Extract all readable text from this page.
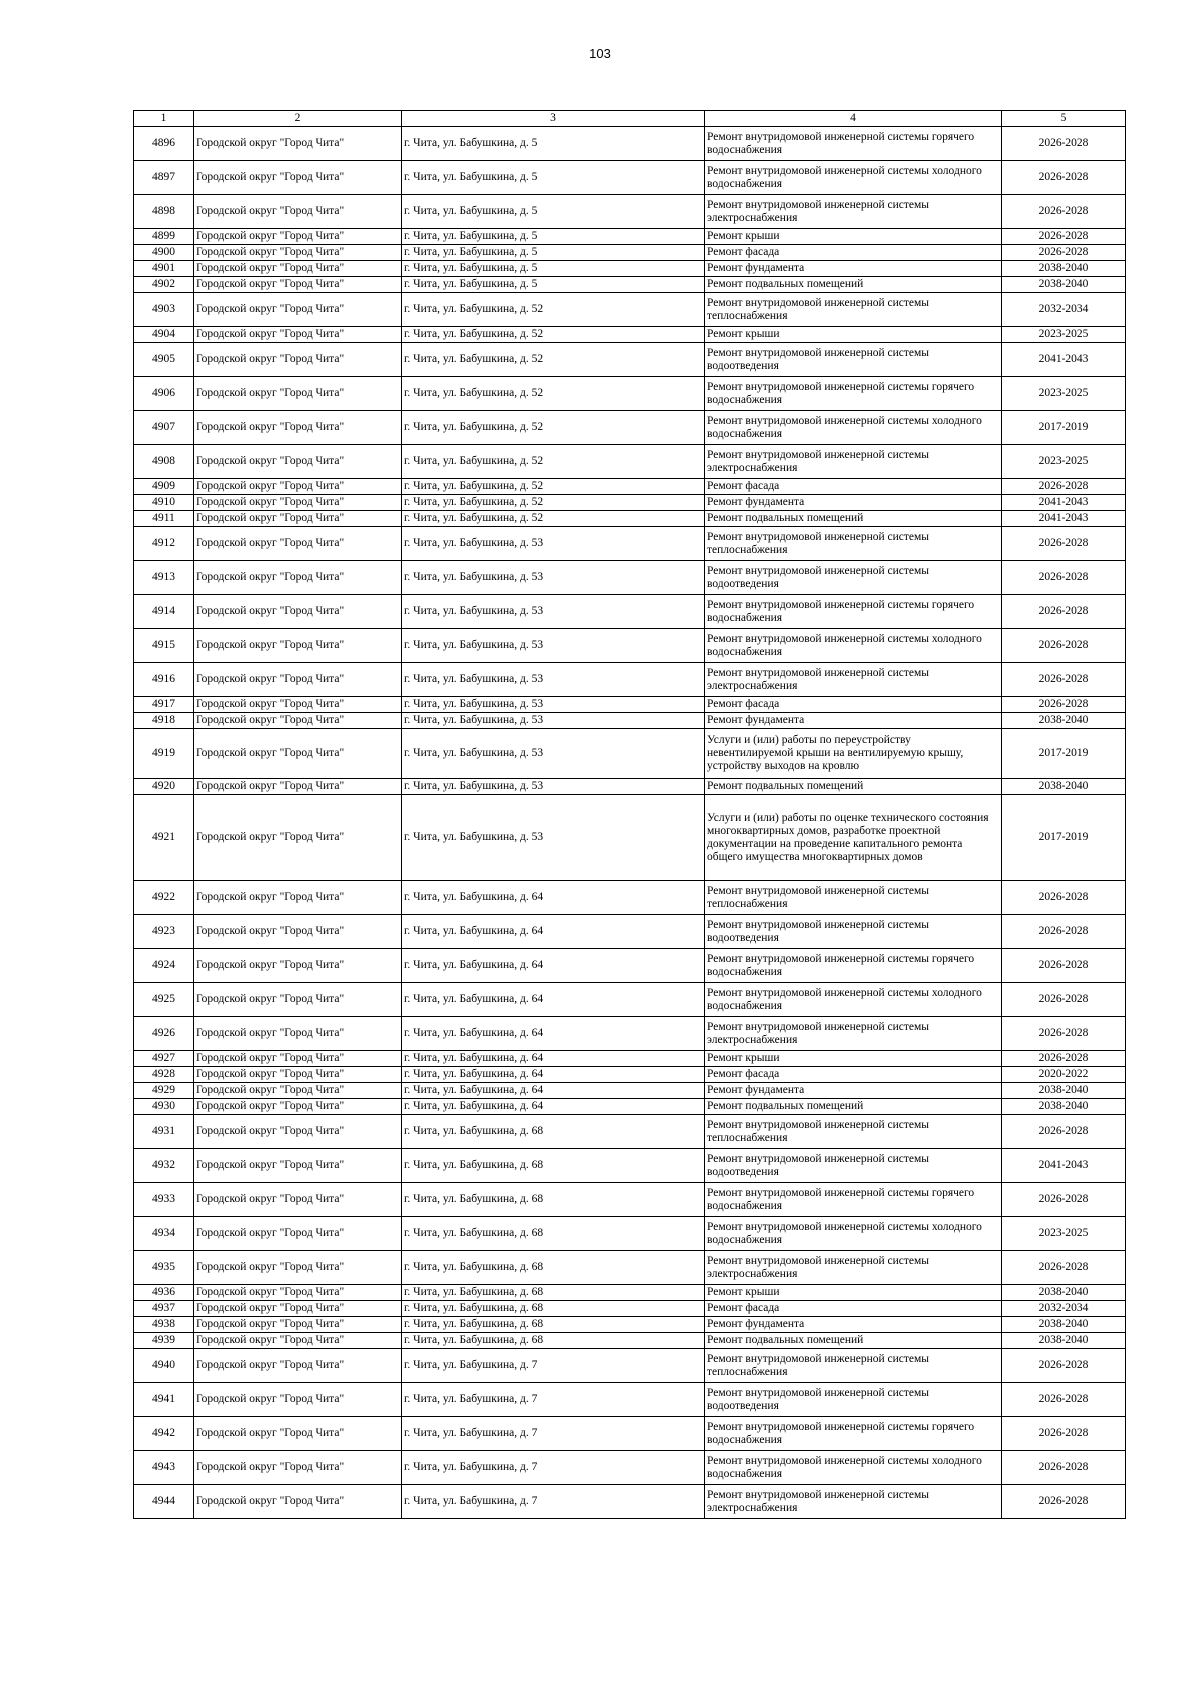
103
1	2	3	4	5
4896	Городской округ "Город Чита"	г. Чита, ул. Бабушкина, д. 5	Ремонт внутридомовой инженерной системы горячего водоснабжения	2026-2028
4897	Городской округ "Город Чита"	г. Чита, ул. Бабушкина, д. 5	Ремонт внутридомовой инженерной системы холодного водоснабжения	2026-2028
4898	Городской округ "Город Чита"	г. Чита, ул. Бабушкина, д. 5	Ремонт внутридомовой инженерной системы электроснабжения	2026-2028
4899	Городской округ "Город Чита"	г. Чита, ул. Бабушкина, д. 5	Ремонт крыши	2026-2028
4900	Городской округ "Город Чита"	г. Чита, ул. Бабушкина, д. 5	Ремонт фасада	2026-2028
4901	Городской округ "Город Чита"	г. Чита, ул. Бабушкина, д. 5	Ремонт фундамента	2038-2040
4902	Городской округ "Город Чита"	г. Чита, ул. Бабушкина, д. 5	Ремонт подвальных помещений	2038-2040
4903	Городской округ "Город Чита"	г. Чита, ул. Бабушкина, д. 52	Ремонт внутридомовой инженерной системы теплоснабжения	2032-2034
4904	Городской округ "Город Чита"	г. Чита, ул. Бабушкина, д. 52	Ремонт крыши	2023-2025
4905	Городской округ "Город Чита"	г. Чита, ул. Бабушкина, д. 52	Ремонт внутридомовой инженерной системы водоотведения	2041-2043
4906	Городской округ "Город Чита"	г. Чита, ул. Бабушкина, д. 52	Ремонт внутридомовой инженерной системы горячего водоснабжения	2023-2025
4907	Городской округ "Город Чита"	г. Чита, ул. Бабушкина, д. 52	Ремонт внутридомовой инженерной системы холодного водоснабжения	2017-2019
4908	Городской округ "Город Чита"	г. Чита, ул. Бабушкина, д. 52	Ремонт внутридомовой инженерной системы электроснабжения	2023-2025
4909	Городской округ "Город Чита"	г. Чита, ул. Бабушкина, д. 52	Ремонт фасада	2026-2028
4910	Городской округ "Город Чита"	г. Чита, ул. Бабушкина, д. 52	Ремонт фундамента	2041-2043
4911	Городской округ "Город Чита"	г. Чита, ул. Бабушкина, д. 52	Ремонт подвальных помещений	2041-2043
4912	Городской округ "Город Чита"	г. Чита, ул. Бабушкина, д. 53	Ремонт внутридомовой инженерной системы теплоснабжения	2026-2028
4913	Городской округ "Город Чита"	г. Чита, ул. Бабушкина, д. 53	Ремонт внутридомовой инженерной системы водоотведения	2026-2028
4914	Городской округ "Город Чита"	г. Чита, ул. Бабушкина, д. 53	Ремонт внутридомовой инженерной системы горячего водоснабжения	2026-2028
4915	Городской округ "Город Чита"	г. Чита, ул. Бабушкина, д. 53	Ремонт внутридомовой инженерной системы холодного водоснабжения	2026-2028
4916	Городской округ "Город Чита"	г. Чита, ул. Бабушкина, д. 53	Ремонт внутридомовой инженерной системы электроснабжения	2026-2028
4917	Городской округ "Город Чита"	г. Чита, ул. Бабушкина, д. 53	Ремонт фасада	2026-2028
4918	Городской округ "Город Чита"	г. Чита, ул. Бабушкина, д. 53	Ремонт фундамента	2038-2040
4919	Городской округ "Город Чита"	г. Чита, ул. Бабушкина, д. 53	Услуги и (или) работы по переустройству невентилируемой крыши на вентилируемую крышу, устройству выходов на кровлю	2017-2019
4920	Городской округ "Город Чита"	г. Чита, ул. Бабушкина, д. 53	Ремонт подвальных помещений	2038-2040
4921	Городской округ "Город Чита"	г. Чита, ул. Бабушкина, д. 53	Услуги и (или) работы по оценке технического состояния многоквартирных домов, разработке проектной документации на проведение капитального ремонта общего имущества многоквартирных домов	2017-2019
4922	Городской округ "Город Чита"	г. Чита, ул. Бабушкина, д. 64	Ремонт внутридомовой инженерной системы теплоснабжения	2026-2028
4923	Городской округ "Город Чита"	г. Чита, ул. Бабушкина, д. 64	Ремонт внутридомовой инженерной системы водоотведения	2026-2028
4924	Городской округ "Город Чита"	г. Чита, ул. Бабушкина, д. 64	Ремонт внутридомовой инженерной системы горячего водоснабжения	2026-2028
4925	Городской округ "Город Чита"	г. Чита, ул. Бабушкина, д. 64	Ремонт внутридомовой инженерной системы холодного водоснабжения	2026-2028
4926	Городской округ "Город Чита"	г. Чита, ул. Бабушкина, д. 64	Ремонт внутридомовой инженерной системы электроснабжения	2026-2028
4927	Городской округ "Город Чита"	г. Чита, ул. Бабушкина, д. 64	Ремонт крыши	2026-2028
4928	Городской округ "Город Чита"	г. Чита, ул. Бабушкина, д. 64	Ремонт фасада	2020-2022
4929	Городской округ "Город Чита"	г. Чита, ул. Бабушкина, д. 64	Ремонт фундамента	2038-2040
4930	Городской округ "Город Чита"	г. Чита, ул. Бабушкина, д. 64	Ремонт подвальных помещений	2038-2040
4931	Городской округ "Город Чита"	г. Чита, ул. Бабушкина, д. 68	Ремонт внутридомовой инженерной системы теплоснабжения	2026-2028
4932	Городской округ "Город Чита"	г. Чита, ул. Бабушкина, д. 68	Ремонт внутридомовой инженерной системы водоотведения	2041-2043
4933	Городской округ "Город Чита"	г. Чита, ул. Бабушкина, д. 68	Ремонт внутридомовой инженерной системы горячего водоснабжения	2026-2028
4934	Городской округ "Город Чита"	г. Чита, ул. Бабушкина, д. 68	Ремонт внутридомовой инженерной системы холодного водоснабжения	2023-2025
4935	Городской округ "Город Чита"	г. Чита, ул. Бабушкина, д. 68	Ремонт внутридомовой инженерной системы электроснабжения	2026-2028
4936	Городской округ "Город Чита"	г. Чита, ул. Бабушкина, д. 68	Ремонт крыши	2038-2040
4937	Городской округ "Город Чита"	г. Чита, ул. Бабушкина, д. 68	Ремонт фасада	2032-2034
4938	Городской округ "Город Чита"	г. Чита, ул. Бабушкина, д. 68	Ремонт фундамента	2038-2040
4939	Городской округ "Город Чита"	г. Чита, ул. Бабушкина, д. 68	Ремонт подвальных помещений	2038-2040
4940	Городской округ "Город Чита"	г. Чита, ул. Бабушкина, д. 7	Ремонт внутридомовой инженерной системы теплоснабжения	2026-2028
4941	Городской округ "Город Чита"	г. Чита, ул. Бабушкина, д. 7	Ремонт внутридомовой инженерной системы водоотведения	2026-2028
4942	Городской округ "Город Чита"	г. Чита, ул. Бабушкина, д. 7	Ремонт внутридомовой инженерной системы горячего водоснабжения	2026-2028
4943	Городской округ "Город Чита"	г. Чита, ул. Бабушкина, д. 7	Ремонт внутридомовой инженерной системы холодного водоснабжения	2026-2028
4944	Городской округ "Город Чита"	г. Чита, ул. Бабушкина, д. 7	Ремонт внутридомовой инженерной системы электроснабжения	2026-2028
